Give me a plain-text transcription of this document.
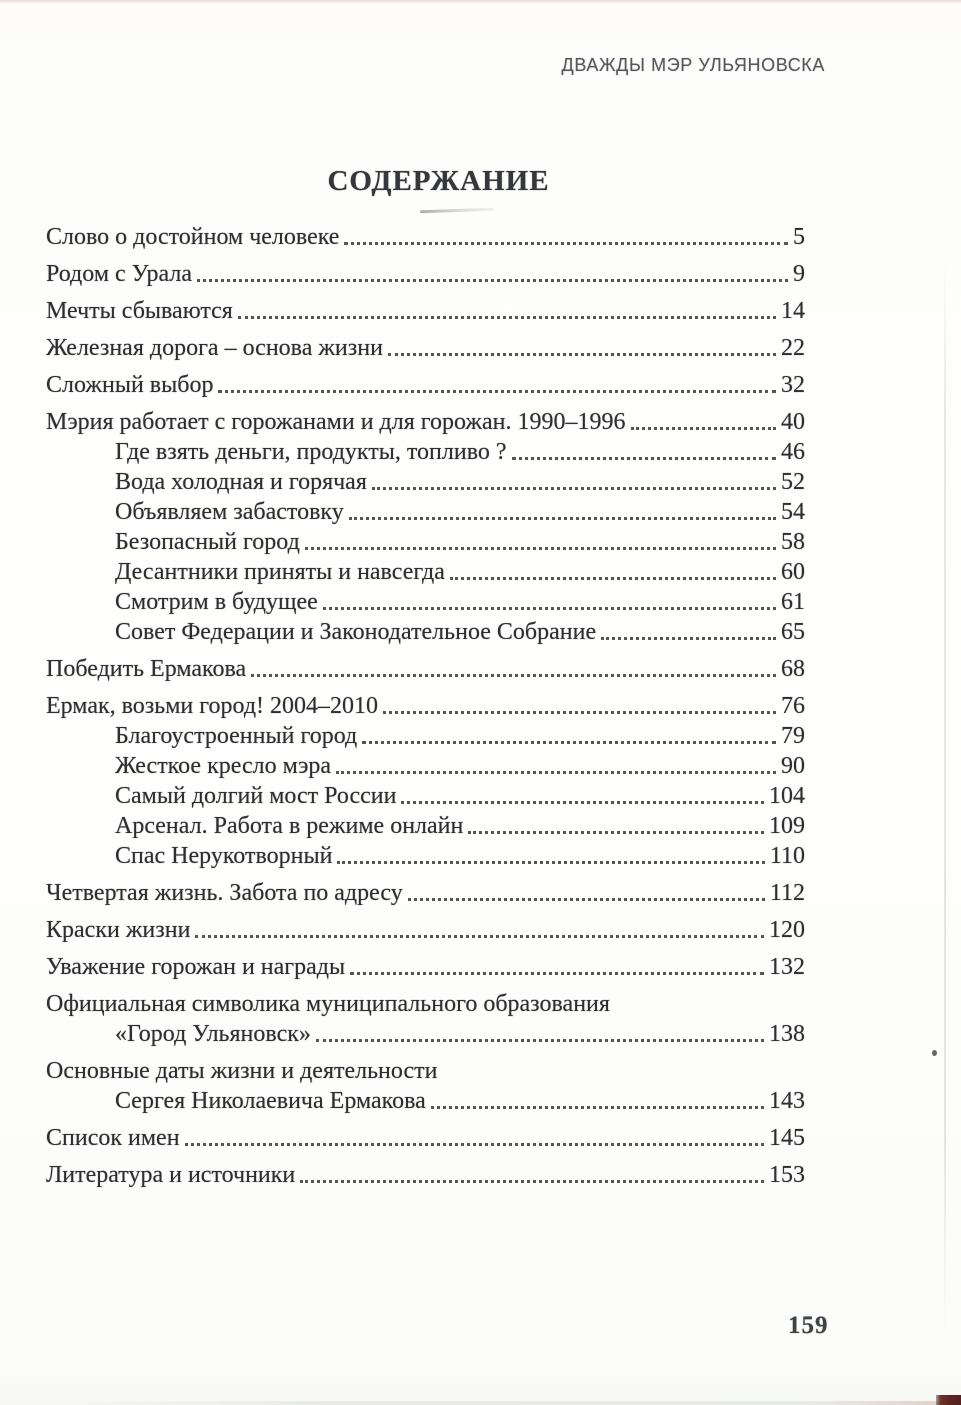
ДВАЖДЫ МЭР УЛЬЯНОВСКА
СОДЕРЖАНИЕ
Слово о достойном человеке	5
Родом с Урала	9
Мечты сбываются	14
Железная дорога – основа жизни	22
Сложный выбор	32
Мэрия работает с горожанами и для горожан. 1990–1996	40
Где взять деньги, продукты, топливо ?	46
Вода холодная и горячая	52
Объявляем забастовку	54
Безопасный город	58
Десантники приняты и навсегда	60
Смотрим в будущее	61
Совет Федерации и Законодательное Собрание	65
Победить Ермакова	68
Ермак, возьми город! 2004–2010	76
Благоустроенный город	79
Жесткое кресло мэра	90
Самый долгий мост России	104
Арсенал. Работа в режиме онлайн	109
Спас Нерукотворный	110
Четвертая жизнь. Забота по адресу	112
Краски жизни	120
Уважение горожан и награды	132
Официальная символика муниципального образования
«Город Ульяновск»	138
Основные даты жизни и деятельности
Сергея Николаевича Ермакова	143
Список имен	145
Литература и источники	153
159
